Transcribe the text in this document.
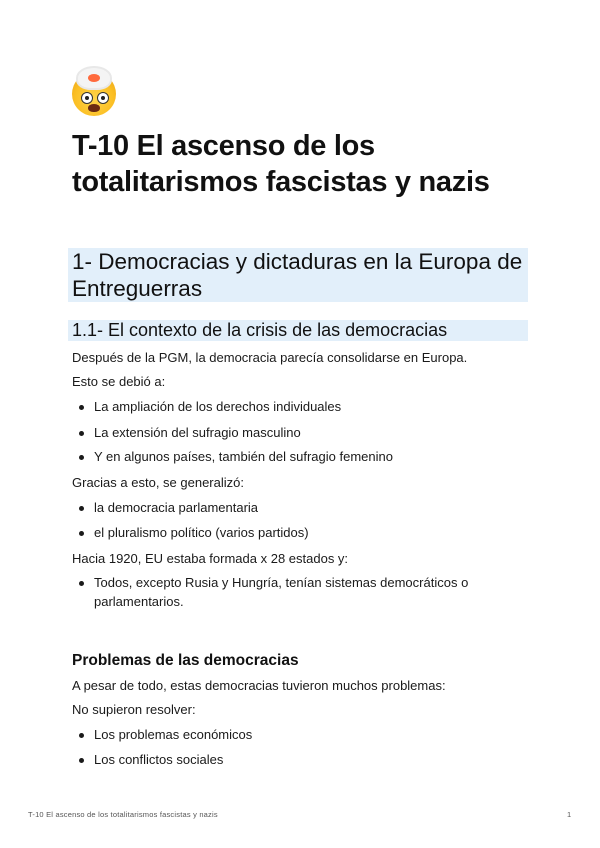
T-10 El ascenso de los totalitarismos fascistas y nazis
1- Democracias y dictaduras en la Europa de Entreguerras
1.1- El contexto de la crisis de las democracias

Después de la PGM, la democracia parecía consolidarse en Europa.

Esto se debió a:

La ampliación de los derechos individuales

La extensión del sufragio masculino

Y en algunos países, también del sufragio femenino

Gracias a esto, se generalizó:

la democracia parlamentaria

el pluralismo político (varios partidos)

Hacia 1920, EU estaba formada x 28 estados y:

Todos, excepto Rusia y Hungría, tenían sistemas democráticos o parlamentarios.

Problemas de las democracias

A pesar de todo, estas democracias tuvieron muchos problemas:

No supieron resolver:

Los problemas económicos

Los conflictos sociales

T-10 El ascenso de los totalitarismos fascistas y nazis	1
